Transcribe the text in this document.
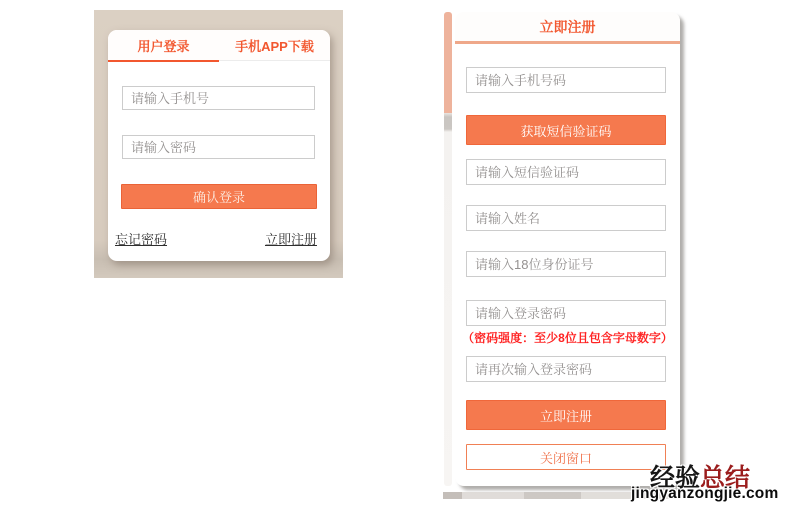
用户登录	手机APP下载
请输入手机号
确认登录
忘记密码	立即注册
立即注册
请输入手机号码
获取短信验证码
请输入短信验证码
请输入姓名
请输入18位身份证号
（密码强度：至少8位且包含字母数字）
立即注册
关闭窗口
经验总结
jingyanzongjie.com
